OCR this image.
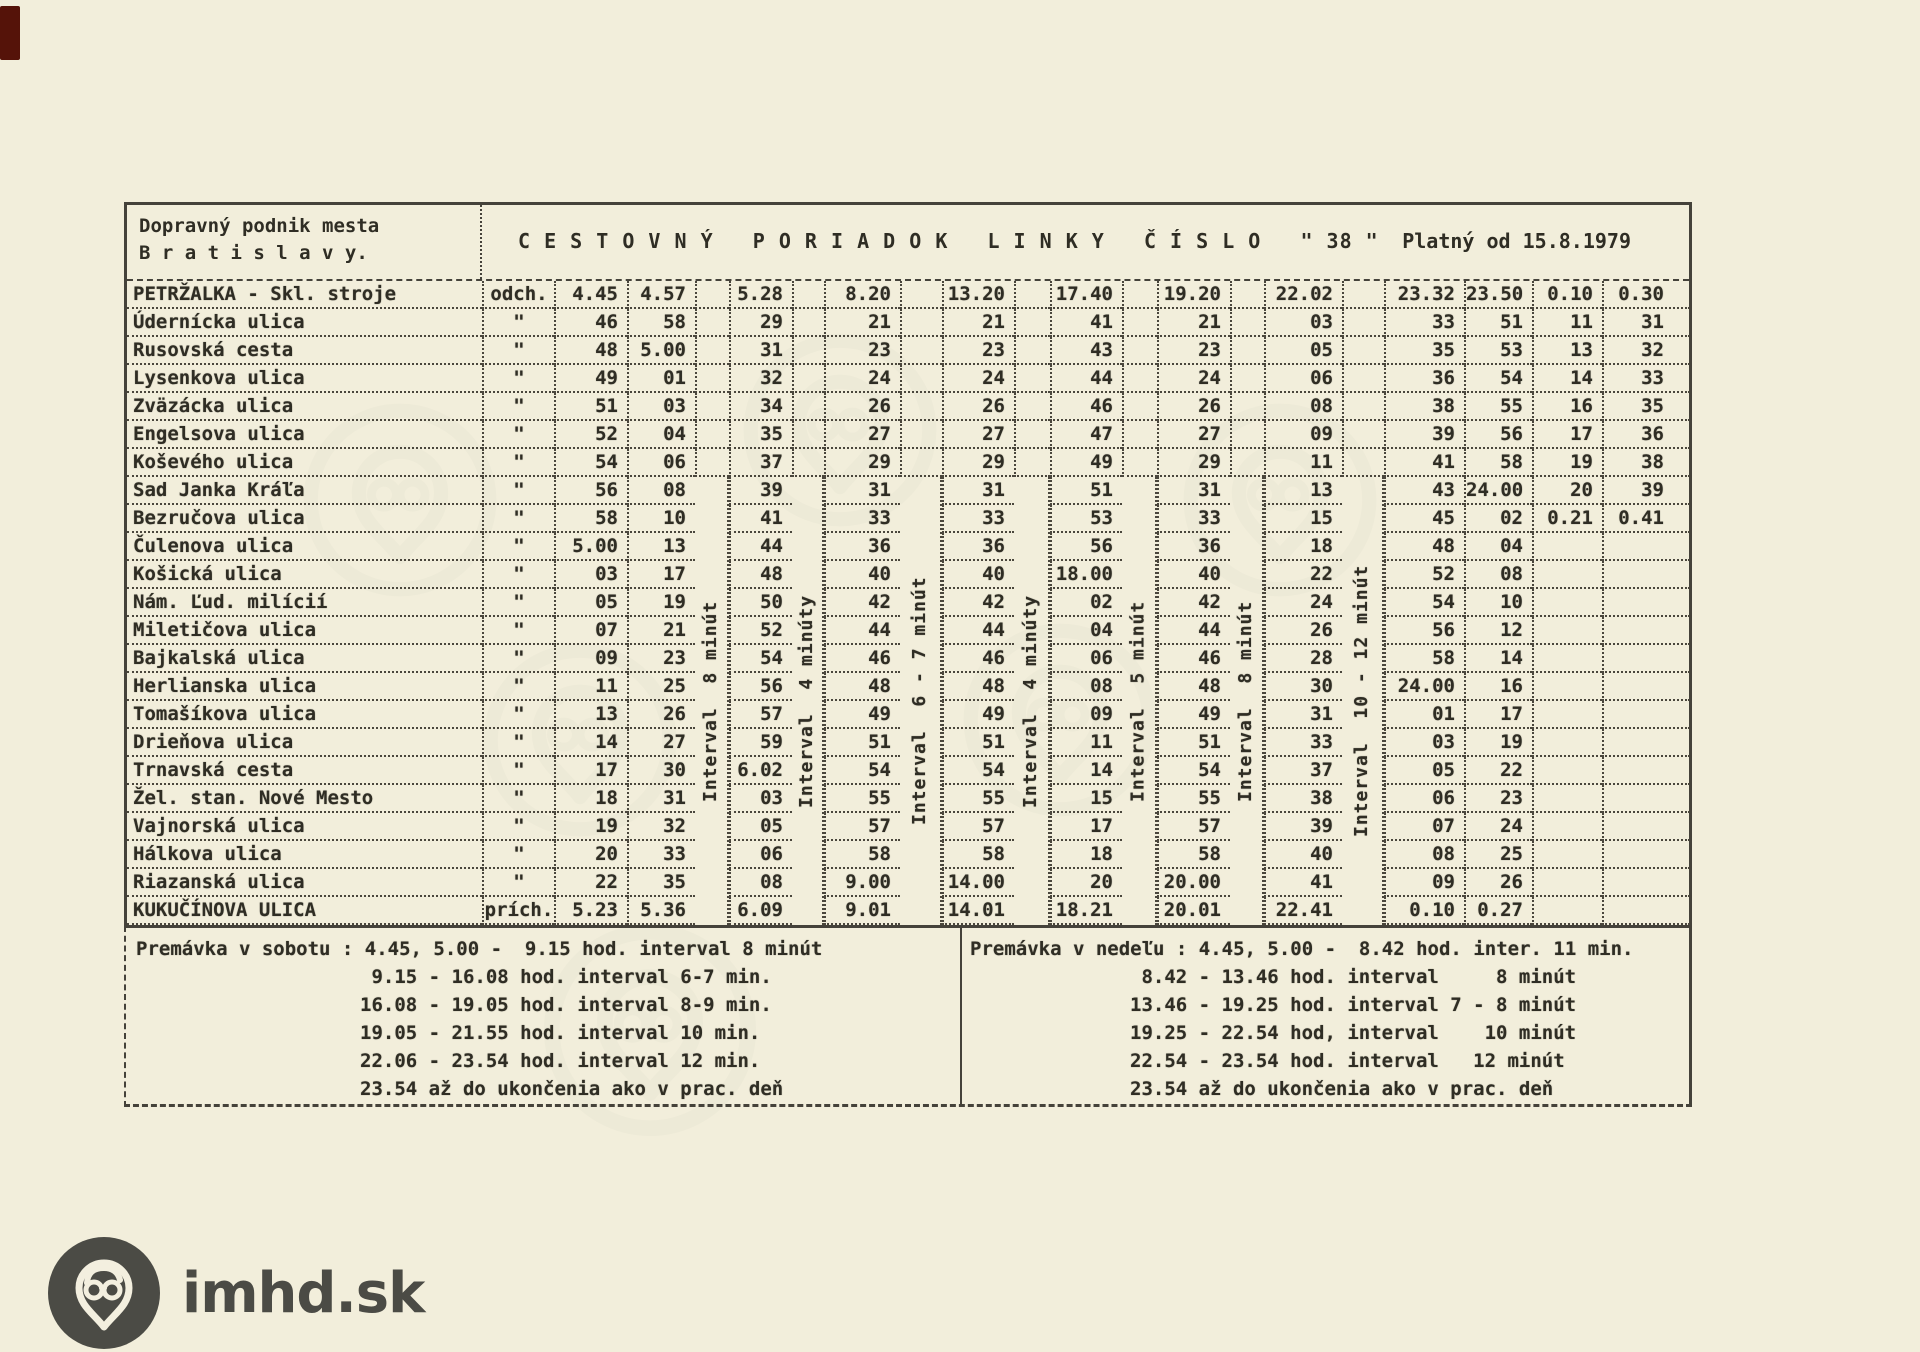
Dopravný podnik mesta
B r a t i s l a v y.	C E S T O V N Ý   P O R I A D O K   L I N K Y   Č Í S L O   " 38 " Platný od 15.8.1979
PETRŽALKA - Skl. stroje	odch.	4.45	4.57	5.28	8.20	13.20	17.40	19.20	22.02	23.32 23.50	0.10	0.30
Údernícka ulica	"	46	58	29	21	21	41	21	03	33	51	11	31
Rusovská cesta	"	48	5.00	31	23	23	43	23	05	35	53	13	32
Lysenkova ulica	"	49	01	32	24	24	44	24	06	36	54	14	33
Zväzácka ulica	"	51	03	34	26	26	46	26	08	38	55	16	35
Engelsova ulica	"	52	04	35	27	27	47	27	09	39	56	17	36
Koševého ulica	"	54	06	37	29	29	49	29	11	41	58	19	38
Sad Janka Kráľa	"	56	08	39	31	31	51	31	13	43 24.00	20	39
Bezručova ulica	"	58	10	41	33	33	53	33	15	45	02	0.21	0.41
Čulenova ulica	"	5.00	13	44	36	36	56	36	18	48	04
Košická ulica	"	03	17	48	40	40	18.00	40	22	52	08
Nám. Ľud. milícií	"	05	19	50	42	42	02	42	24	54	10
Miletičova ulica	"	07	21	52	44	44	04	44	26	56	12
Bajkalská ulica	"	09	23	54	46	46	06	46	28	58	14
Herlianska ulica	"	11	25	56	48	48	08	48	30	24.00	16
Tomašíkova ulica	"	13	26	57	49	49	09	49	31	01	17
Drieňova ulica	"	14	27	59	51	51	11	51	33	03	19
Trnavská cesta	"	17	30	6.02	54	54	14	54	37	05	22
Žel. stan. Nové Mesto	"	18	31	03	55	55	15	55	38	06	23
Vajnorská ulica	"	19	32	05	57	57	17	57	39	07	24
Hálkova ulica	"	20	33	06	58	58	18	58	40	08	25
Riazanská ulica	"	22	35	08	9.00	14.00	20	20.00	41	09	26
KUKUČÍNOVA ULICA	prích. 5.23	5.36	6.09	9.01	14.01	18.21	20.01	22.41	0.10	0.27
Interval  8 minút	Interval  4 minúty	Interval  6 - 7 minút	Interval  4 minúty	Interval  5 minút	Interval  8 minút	Interval  10 - 12 minút
Premávka v sobotu : 4.45, 5.00 -  9.15 hod. interval 8 minút
9.15 - 16.08 hod. interval 6-7 min.
16.08 - 19.05 hod. interval 8-9 min.
19.05 - 21.55 hod. interval 10 min.
22.06 - 23.54 hod. interval 12 min.
23.54 až do ukončenia ako v prac. deň
Premávka v nedeľu : 4.45, 5.00 -  8.42 hod. inter. 11 min.
8.42 - 13.46 hod. interval     8 minút
13.46 - 19.25 hod. interval 7 - 8 minút
19.25 - 22.54 hod, interval    10 minút
22.54 - 23.54 hod. interval   12 minút
23.54 až do ukončenia ako v prac. deň
imhd.sk
